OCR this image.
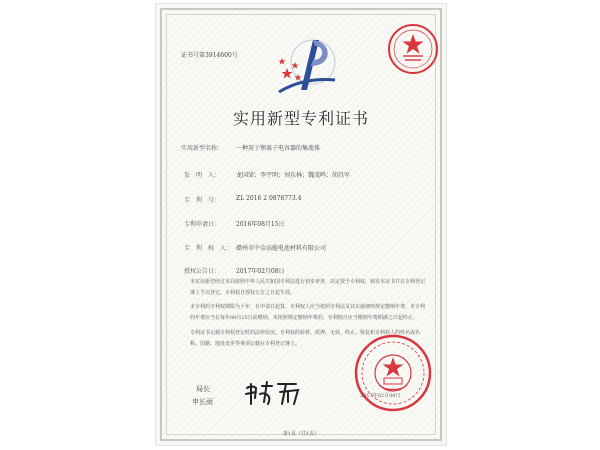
证书号第3914600号
实用新型专利证书
实用新型名称： 一种用于锂离子电容器的集流体
发　明　人：	龙国梁；李宇明；刘东林；魏茂鸣；胡昌军
专　利　号：	ZL 2016 2 0878773.4
专利申请日：	2016年08月15日
专　利　权　人： 赣州市中金高能电池材料有限公司
授权公告日：	2017年02月08日
本实用新型经过本局依照中华人民共和国专利法进行初步审查，决定授予专利权，颁发本证书并在专利登记簿上予以登记。专利权自授权公告之日起生效。
本专利的专利权期限为十年，自申请日起算。专利权人应当依照专利法及其实施细则规定缴纳年费。本专利的年费应当在每年08月15日前缴纳。未按照规定缴纳年费的，专利权自应当缴纳年费期满之日起终止。
专利证书记载专利权登记时的法律状况。专利权的转移、质押、无效、终止、恢复和专利权人的姓名或名称、国籍、地址变更等事项记载在专利登记簿上。
局长
申长雨
2017年02月08日
第1页（共1页）
